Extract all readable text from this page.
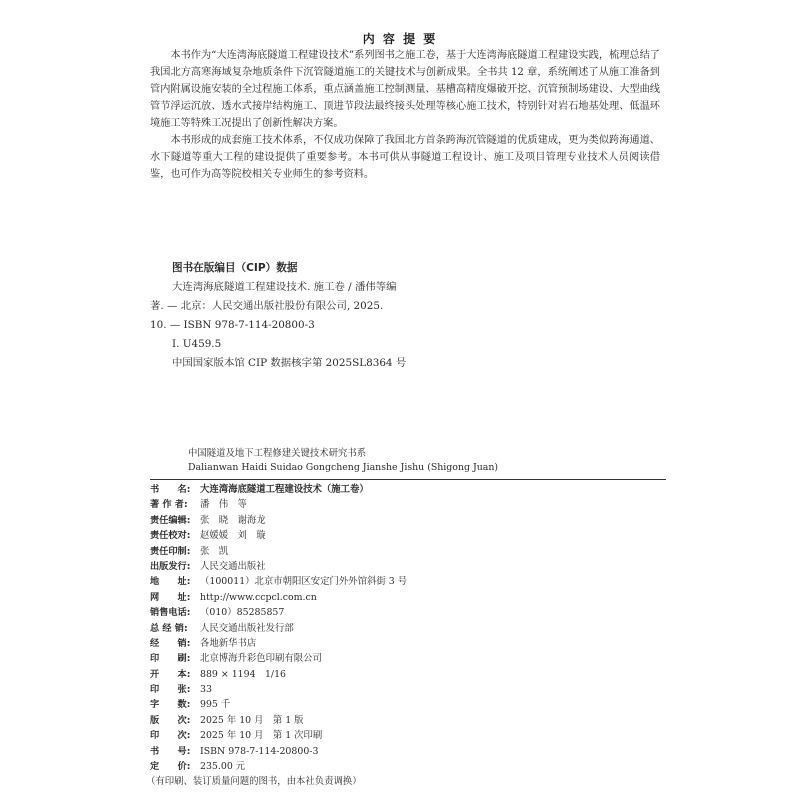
内 容 提 要

本书作为“大连湾海底隧道工程建设技术”系列图书之施工卷，基于大连湾海底隧道工程建设实践，梳理总结了我国北方高寒海域复杂地质条件下沉管隧道施工的关键技术与创新成果。全书共 12 章，系统阐述了从施工准备到管内附属设施安装的全过程施工体系，重点涵盖施工控制测量、基槽高精度爆破开挖、沉管预制场建设、大型曲线管节浮运沉放、透水式接岸结构施工、顶进节段法最终接头处理等核心施工技术，特别针对岩石地基处理、低温环境施工等特殊工况提出了创新性解决方案。

本书形成的成套施工技术体系，不仅成功保障了我国北方首条跨海沉管隧道的优质建成，更为类似跨海通道、水下隧道等重大工程的建设提供了重要参考。本书可供从事隧道工程设计、施工及项目管理专业技术人员阅读借鉴，也可作为高等院校相关专业师生的参考资料。

图书在版编目（CIP）数据
大连湾海底隧道工程建设技术. 施工卷 / 潘伟等编
著. — 北京：人民交通出版社股份有限公司, 2025.
10. — ISBN 978-7-114-20800-3
Ⅰ. U459.5
中国国家版本馆 CIP 数据核字第 2025SL8364 号
中国隧道及地下工程修建关键技术研究书系
Dalianwan Haidi Suidao Gongcheng Jianshe Jishu (Shigong Juan)
书　　名:	大连湾海底隧道工程建设技术（施工卷）
著 作 者:	潘　伟　等
责任编辑:	张　晓　谢海龙
责任校对:	赵媛媛　刘　璇
责任印制:	张　凯
出版发行:	人民交通出版社
地　　址:	（100011）北京市朝阳区安定门外外馆斜街 3 号
网　　址:	http://www.ccpcl.com.cn
销售电话:	（010）85285857
总 经 销:	人民交通出版社发行部
经　　销:	各地新华书店
印　　刷:	北京博海升彩色印刷有限公司
开　　本:	889 × 1194　1/16
印　　张:	33
字　　数:	995 千
版　　次:	2025 年 10 月　第 1 版
印　　次:	2025 年 10 月　第 1 次印刷
书　　号:	ISBN 978-7-114-20800-3
定　　价:	235.00 元
（有印刷、装订质量问题的图书，由本社负责调换）
